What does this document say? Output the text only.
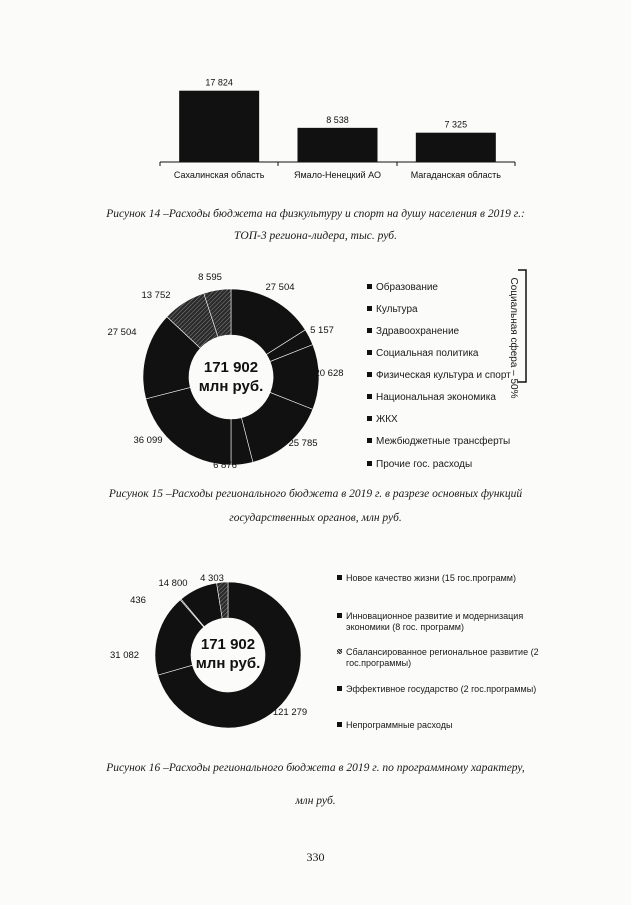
17 824
Сахалинская область
8 538
Ямало-Ненецкий АО
7 325
Магаданская область
Рисунок 14 –Расходы бюджета на физкультуру и спорт на душу населения в 2019 г.:
ТОП-3 региона-лидера, тыс. руб.
27 504
5 157
20 628
25 785
6 876
36 099
27 504
13 752
8 595
171 902
млн руб.
Образование
Культура
Здравоохранение
Социальная политика
Физическая культура и спорт
Национальная экономика
ЖКХ
Межбюджетные трансферты
Прочие гос. расходы
Социальная сфера – 50%
Рисунок 15 –Расходы регионального бюджета в 2019 г. в разрезе основных функций
государственных органов, млн руб.
121 279
31 082
436
14 800 4 303
171 902
млн руб.
Новое качество жизни (15 гос.программ)
Инновационное развитие и модернизация экономики (8 гос. программ)
Сбалансированное региональное развитие (2 гос.программы)
Эффективное государство (2 гос.программы)
Непрограммные расходы
Рисунок 16 –Расходы регионального бюджета в 2019 г. по программному характеру,
млн руб.
330
